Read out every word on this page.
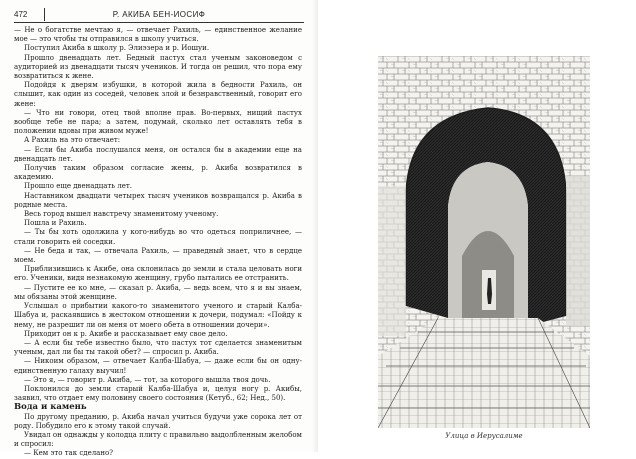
472	Р. АКИБА БЕН-ИОСИФ

— Не о богатстве мечтаю я, — отвечает Рахиль, — единственное желание мое — это чтобы ты отправился в школу учиться.

Поступил Акиба в школу р. Элиэзера и р. Иошуи.

Прошло двенадцать лет. Бедный пастух стал ученым законоведом с аудиторией из двенадцати тысяч учеников. И тогда он решил, что пора ему возвратиться к жене.

Подойдя к дверям избушки, в которой жила в бедности Рахиль, он слышит, как один из соседей, человек злой и безнравственный, говорит его жене:

— Что ни говори, отец твой вполне прав. Во-первых, нищий пастух вообще тебе не пара; а затем, подумай, сколько лет оставлять тебя в положении вдовы при живом муже!

А Рахиль на это отвечает:

— Если бы Акиба послушался меня, он остался бы в академии еще на двенадцать лет.

Получив таким образом согласие жены, р. Акиба возвратился в академию.

Прошло еще двенадцать лет.

Наставником двадцати четырех тысяч учеников возвращался р. Акиба в родные места.

Весь город вышел навстречу знаменитому ученому.

Пошла и Рахиль.

— Ты бы хоть одолжила у кого-нибудь во что одеться поприличнее, — стали говорить ей соседки.

— Не беда и так, — отвечала Рахиль, — праведный знает, что в сердце моем.

Приблизившись к Акибе, она склонилась до земли и стала целовать ноги его. Ученики, видя незнакомую женщину, грубо пытались ее отстранить.

— Пустите ее ко мне, — сказал р. Акиба, — ведь всем, что я и вы знаем, мы обязаны этой женщине.

Услышал о прибытии какого-то знаменитого ученого и старый Калба-Шабуа и, раскаявшись в жестоком отношении к дочери, подумал: «Пойду к нему, не разрешит ли он меня от моего обета в отношении дочери».

Приходит он к р. Акибе и рассказывает ему свое дело.

— А если бы тебе известно было, что пастух тот сделается знаменитым ученым, дал ли бы ты такой обет? — спросил р. Акиба.

— Никоим образом, — отвечает Калба-Шабуа, — даже если бы он одну-единственную галаху выучил!

— Это я, — говорит р. Акиба, — тот, за которого вышла твоя дочь.

Поклонился до земли старый Калба-Шабуа и, целуя ногу р. Акибы, заявил, что отдает ему половину своего состояния (Кетуб., 62; Нед., 50).

Вода и камень

По другому преданию, р. Акиба начал учиться будучи уже сорока лет от роду. Побудило его к этому такой случай.

Увидал он однажды у колодца плиту с правильно выдолбленным желобом и спросил:

— Кем это так сделано?

Улица в Иерусалиме
